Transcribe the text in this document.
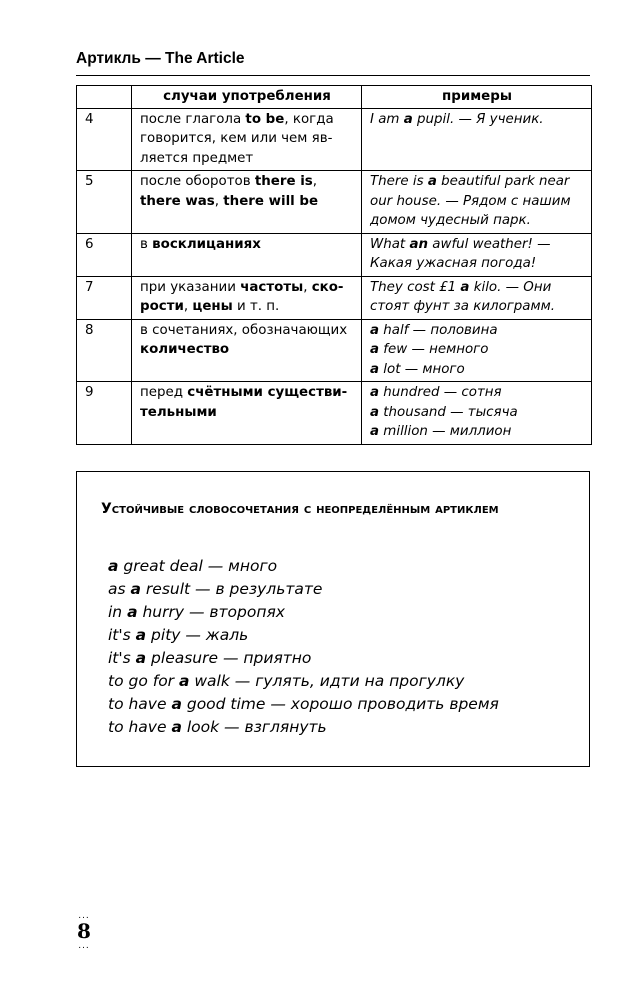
Артикль — The Article
	случаи употребления	примеры
4	после глагола to be, когда
говорится, кем или чем яв-
ляется предмет	I am a pupil. — Я ученик.

5	после оборотов there is,
there was, there will be	There is a beautiful park near
our house. — Рядом с нашим
домом чудесный парк.

6	в восклицаниях	What an awful weather! —
Какая ужасная погода!

7	при указании частоты, ско-
рости, цены и т. п.	They cost £1 a kilo. — Они
стоят фунт за килограмм.

8	в сочетаниях, обозначающих
количество	a half — половина
a few — немного
a lot — много

9	перед счётными существи-
тельными	a hundred — сотня
a thousand — тысяча
a million — миллион
Устойчивые словосочетания с неопределённым артиклем
a great deal — много
as a result — в результате
in a hurry — второпях
it's a pity — жаль
it's a pleasure — приятно
to go for a walk — гулять, идти на прогулку
to have a good time — хорошо проводить время
to have a look — взглянуть
...
8
...
